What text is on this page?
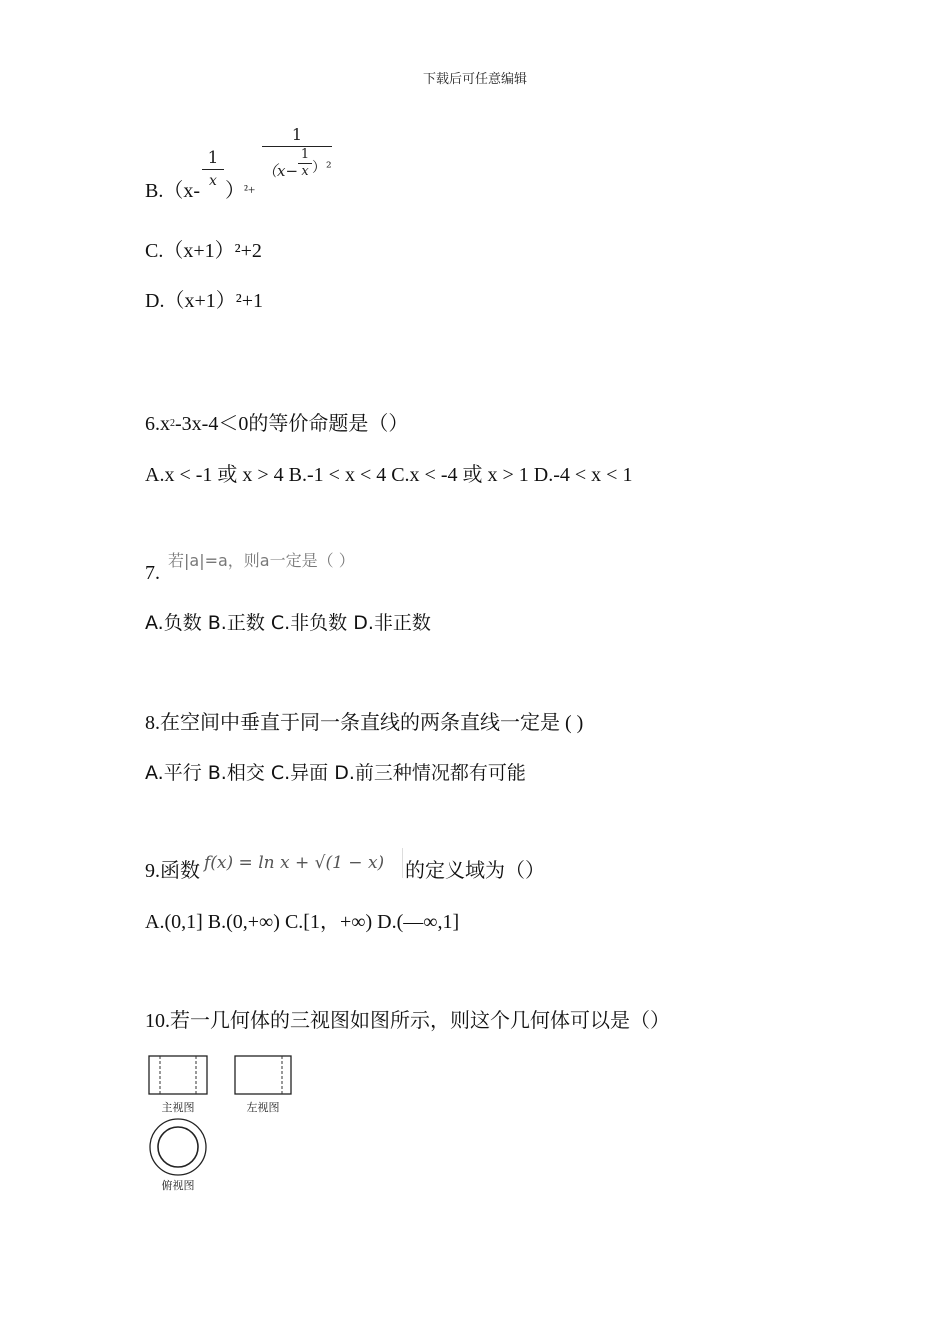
下载后可任意编辑
B.（x-
1
x ） ²+
1
（x−
1
x ）²
C.（x+1）²+2
D.（x+1）²+1
$6.x^2-3x-4<0$的等价命题是（）
A.x < -1 或 x > 4 B.-1 < x < 4 C.x < -4 或 x > 1 D.-4 < x < 1
7.
若|a|=a，则a一定是（ ）
A.负数 B.正数 C.非负数 D.非正数
8.在空间中垂直于同一条直线的两条直线一定是 ( )
A.平行 B.相交 C.异面 D.前三种情况都有可能
9.函数 f(x) = ln x + √(1 − x)	的定义域为（）
A.(0,1] B.(0,+∞) C.[1，+∞) D.(—∞,1]
10.若一几何体的三视图如图所示，则这个几何体可以是（）
主视图	左视图
俯视图
